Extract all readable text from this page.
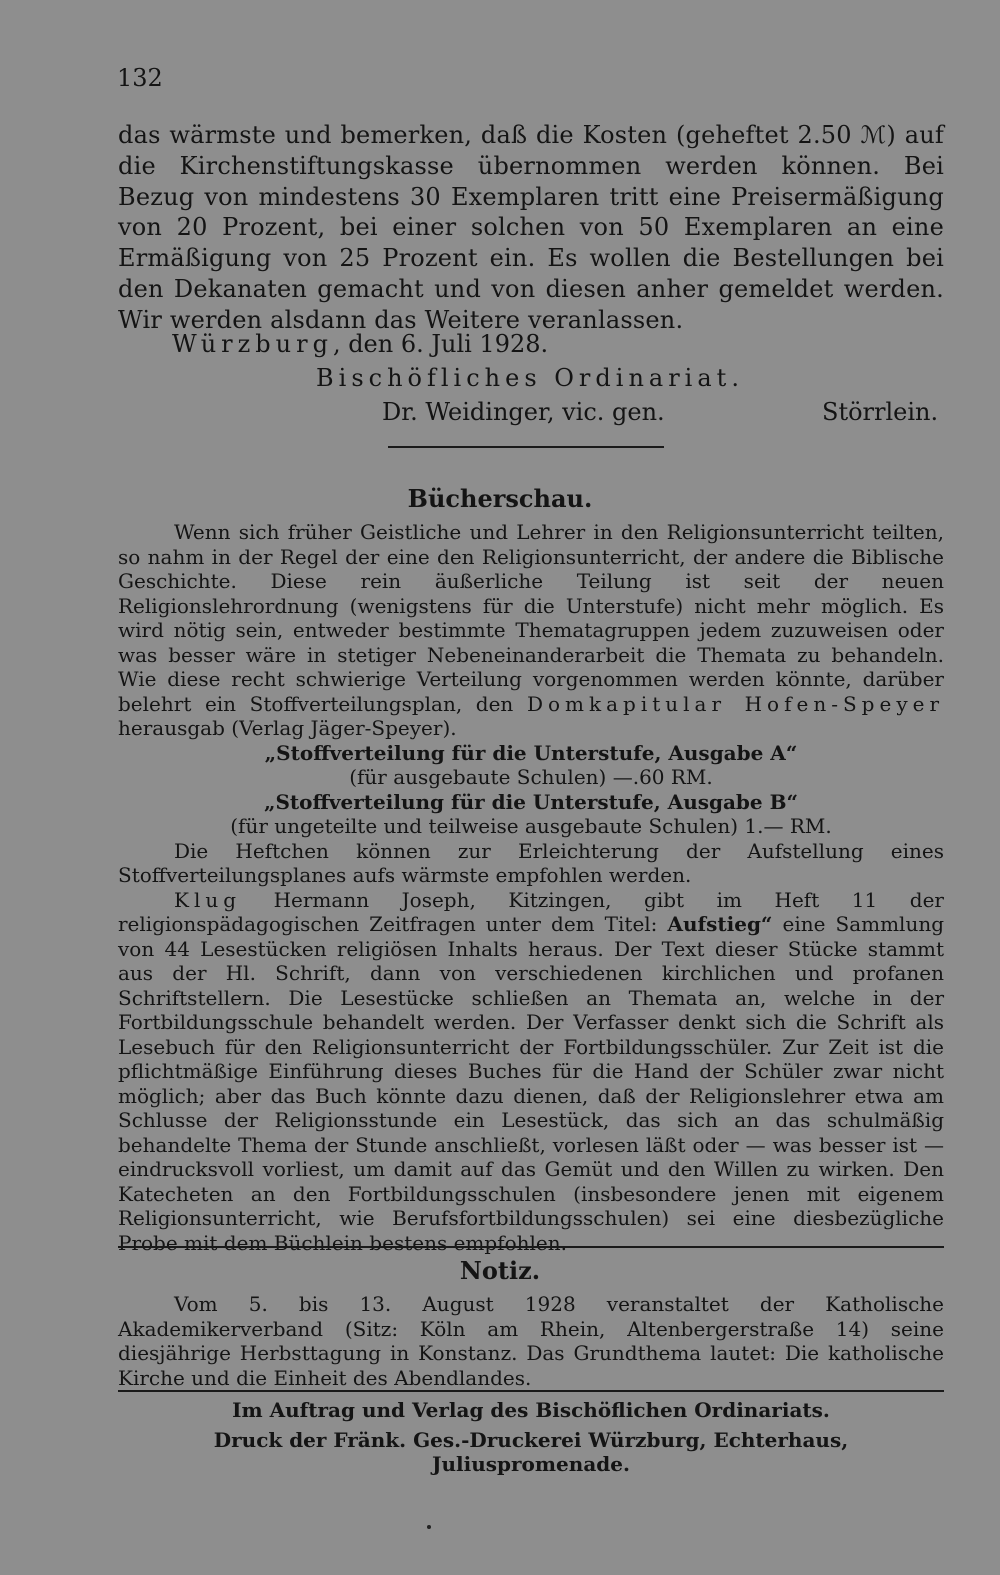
132

das wärmste und bemerken, daß die Kosten (geheftet 2.50 ℳ) auf die Kirchenstiftungskasse übernommen werden können. Bei Bezug von mindestens 30 Exemplaren tritt eine Preisermäßigung von 20 Prozent, bei einer solchen von 50 Exemplaren an eine Ermäßigung von 25 Prozent ein. Es wollen die Bestellungen bei den Dekanaten gemacht und von diesen anher gemeldet werden. Wir werden alsdann das Weitere veranlassen.

Würzburg, den 6. Juli 1928.
Bischöfliches Ordinariat.
Dr. Weidinger, vic. gen.	Störrlein.
Bücherschau.

Wenn sich früher Geistliche und Lehrer in den Religionsunterricht teilten, so nahm in der Regel der eine den Religionsunterricht, der andere die Biblische Geschichte. Diese rein äußerliche Teilung ist seit der neuen Religionslehrordnung (wenigstens für die Unterstufe) nicht mehr möglich. Es wird nötig sein, entweder bestimmte Thematagruppen jedem zuzuweisen oder was besser wäre in stetiger Nebeneinanderarbeit die Themata zu behandeln. Wie diese recht schwierige Verteilung vorgenommen werden könnte, darüber belehrt ein Stoffverteilungsplan, den Domkapitular Hofen-Speyer herausgab (Verlag Jäger-Speyer).

„Stoffverteilung für die Unterstufe, Ausgabe A“

(für ausgebaute Schulen) —.60 RM.

„Stoffverteilung für die Unterstufe, Ausgabe B“

(für ungeteilte und teilweise ausgebaute Schulen) 1.— RM.

Die Heftchen können zur Erleichterung der Aufstellung eines Stoffverteilungsplanes aufs wärmste empfohlen werden.

Klug Hermann Joseph, Kitzingen, gibt im Heft 11 der religionspädagogischen Zeitfragen unter dem Titel: Aufstieg“ eine Sammlung von 44 Lesestücken religiösen Inhalts heraus. Der Text dieser Stücke stammt aus der Hl. Schrift, dann von verschiedenen kirchlichen und profanen Schriftstellern. Die Lesestücke schließen an Themata an, welche in der Fortbildungsschule behandelt werden. Der Verfasser denkt sich die Schrift als Lesebuch für den Religionsunterricht der Fortbildungsschüler. Zur Zeit ist die pflichtmäßige Einführung dieses Buches für die Hand der Schüler zwar nicht möglich; aber das Buch könnte dazu dienen, daß der Religionslehrer etwa am Schlusse der Religionsstunde ein Lesestück, das sich an das schulmäßig behandelte Thema der Stunde anschließt, vorlesen läßt oder — was besser ist — eindrucksvoll vorliest, um damit auf das Gemüt und den Willen zu wirken. Den Katecheten an den Fortbildungsschulen (insbesondere jenen mit eigenem Religionsunterricht, wie Berufsfortbildungsschulen) sei eine diesbezügliche Probe mit dem Büchlein bestens empfohlen.

Notiz.

Vom 5. bis 13. August 1928 veranstaltet der Katholische Akademikerverband (Sitz: Köln am Rhein, Altenbergerstraße 14) seine diesjährige Herbsttagung in Konstanz. Das Grundthema lautet: Die katholische Kirche und die Einheit des Abendlandes.

Im Auftrag und Verlag des Bischöflichen Ordinariats.
Druck der Fränk. Ges.-Druckerei Würzburg, Echterhaus, Juliuspromenade.
